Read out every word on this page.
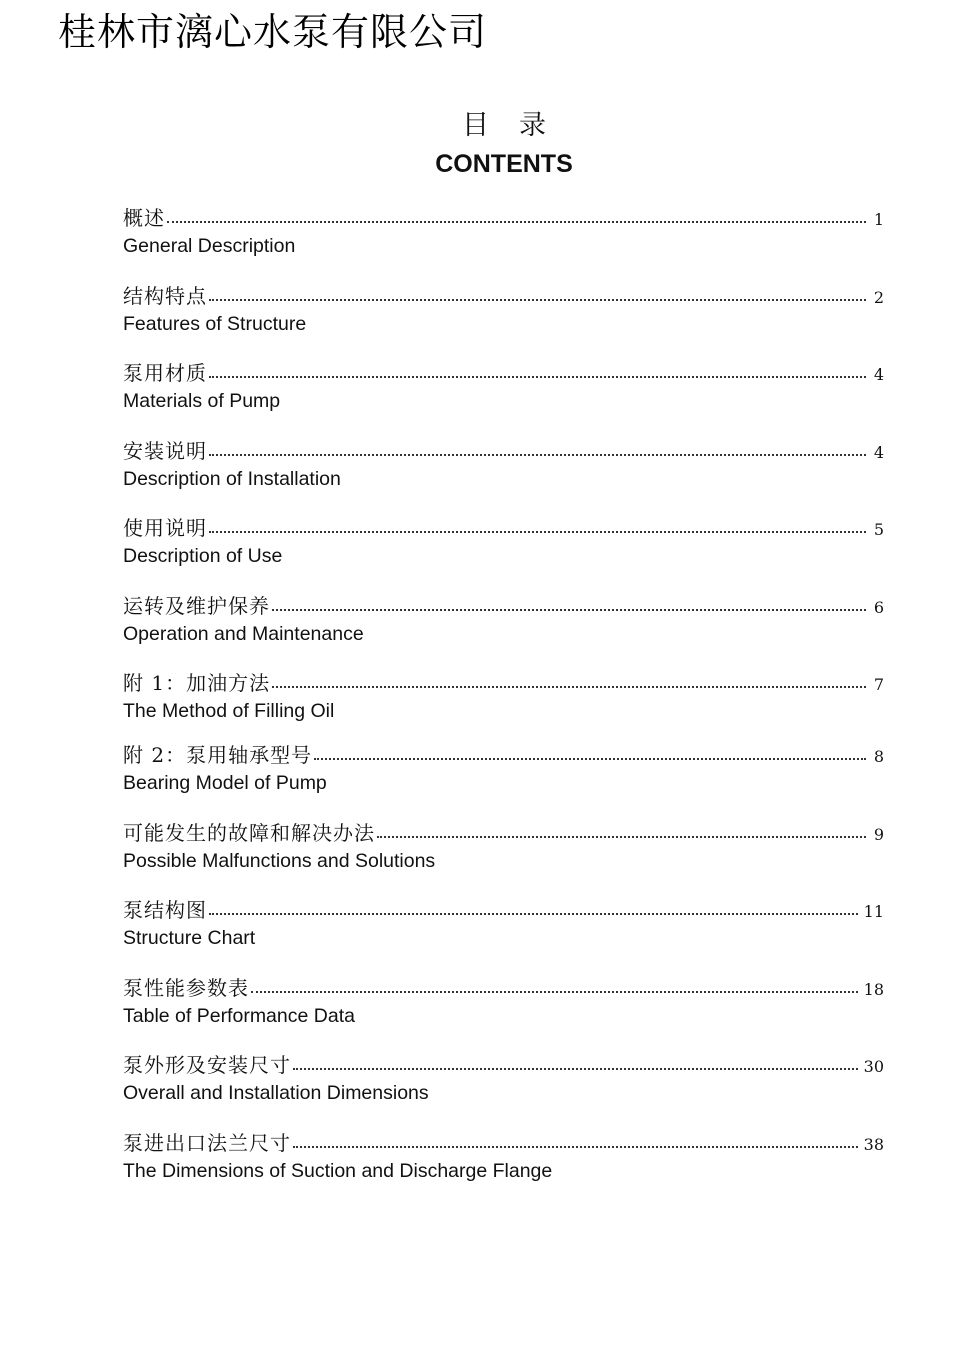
桂林市漓心水泵有限公司
目录
CONTENTS
概述	1
General Description
结构特点	2
Features of Structure
泵用材质	4
Materials of Pump
安装说明	4
Description of Installation
使用说明	5
Description of Use
运转及维护保养	6
Operation and Maintenance
附 1：加油方法	7
The Method of Filling Oil
附 2：泵用轴承型号	8
Bearing Model of Pump
可能发生的故障和解决办法	9
Possible Malfunctions and Solutions
泵结构图	11
Structure Chart
泵性能参数表	18
Table of Performance Data
泵外形及安装尺寸	30
Overall and Installation Dimensions
泵进出口法兰尺寸	38
The Dimensions of Suction and Discharge Flange
